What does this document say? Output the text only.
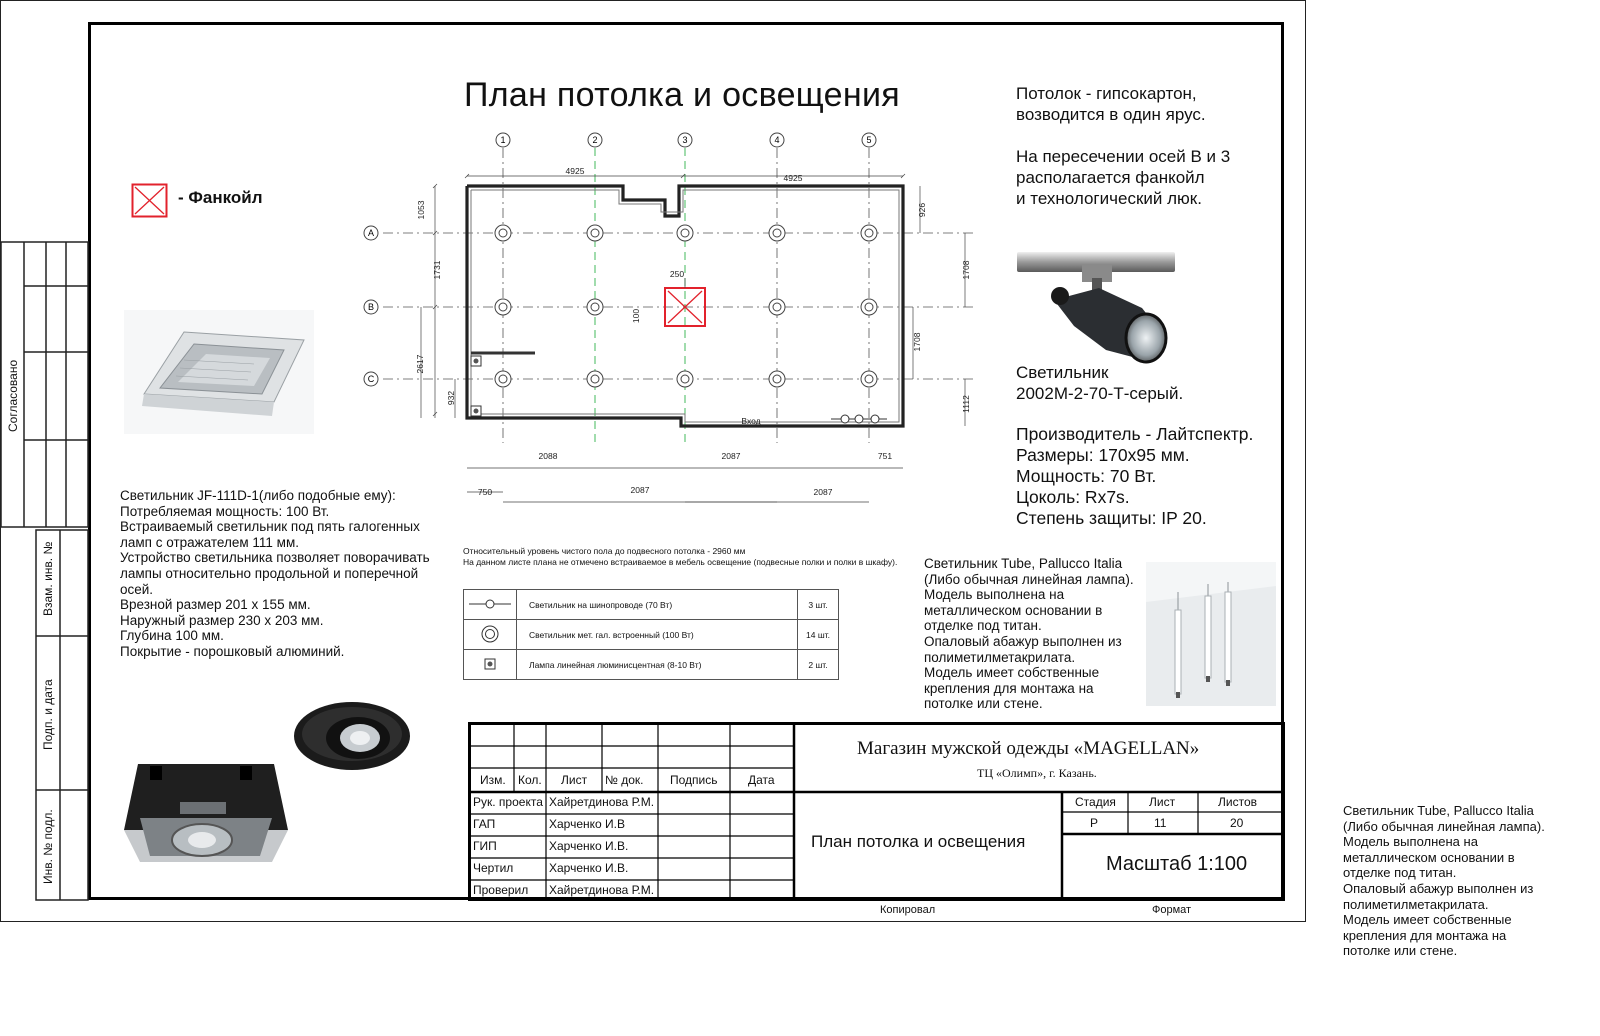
Согласовано
Взам. инв. №
Подп. и дата
Инв. № подл.
План потолка и освещения
- Фанкойл
Потолок - гипсокартон,
возводится в один ярус.

На пересечении осей В и 3
располагается фанкойл
и технологический люк.
Светильник
2002М-2-70-Т-серый.
Производитель - Лайтспектр.
Размеры: 170х95 мм.
Мощность: 70 Вт.
Цоколь: Rx7s.
Степень защиты: IP 20.
Светильник JF-111D-1(либо подобные ему):
Потребляемая мощность: 100 Вт.
Встраиваемый светильник под пять галогенных
ламп с отражателем 111 мм.
Устройство светильника позволяет поворачивать
лампы относительно продольной и поперечной
осей.
Врезной размер 201 х 155 мм.
Наружный размер 230 х 203 мм.
Глубина 100 мм.
Покрытие - порошковый алюминий.
Светильник Tube, Pallucco Italia
(Либо обычная линейная лампа).
Модель выполнена на
металлическом основании в
отделке под титан.
Опаловый абажур выполнен из
полиметилметакрилата.
Модель имеет собственные
крепления для монтажа на
потолке или стене.
Относительный уровень чистого пола до подвесного потолка - 2960 мм
На данном листе плана не отмечено встраиваемое в мебель освещение (подвесные полки и полки в шкафу).
	Светильник на шинопроводе (70 Вт)	3 шт.
	Светильник мет. гал. встроенный (100 Вт)	14 шт.
	Лампа линейная люминисцентная (8-10 Вт)	2 шт.
1	2	3	4	5
A
B
C
4925
4925
2088	2087	751
750	2087	2087
250
Вход
1053
1731
2617
932
926
1708
1708
1112
100
Изм. Кол. Лист № док. Подпись	Дата
Рук. проекта Хайретдинова Р.М.
ГАП	Харченко И.В
ГИП	Харченко И.В.
Чертил	Харченко И.В.
Проверил Хайретдинова Р.М.
Магазин мужской одежды «MAGELLAN»
ТЦ «Олимп», г. Казань.
План потолка и освещения
Стадия	Лист	Листов
Р	11	20
Масштаб 1:100
Копировал	Формат
Светильник Tube, Pallucco Italia
(Либо обычная линейная лампа).
Модель выполнена на
металлическом основании в
отделке под титан.
Опаловый абажур выполнен из
полиметилметакрилата.
Модель имеет собственные
крепления для монтажа на
потолке или стене.
